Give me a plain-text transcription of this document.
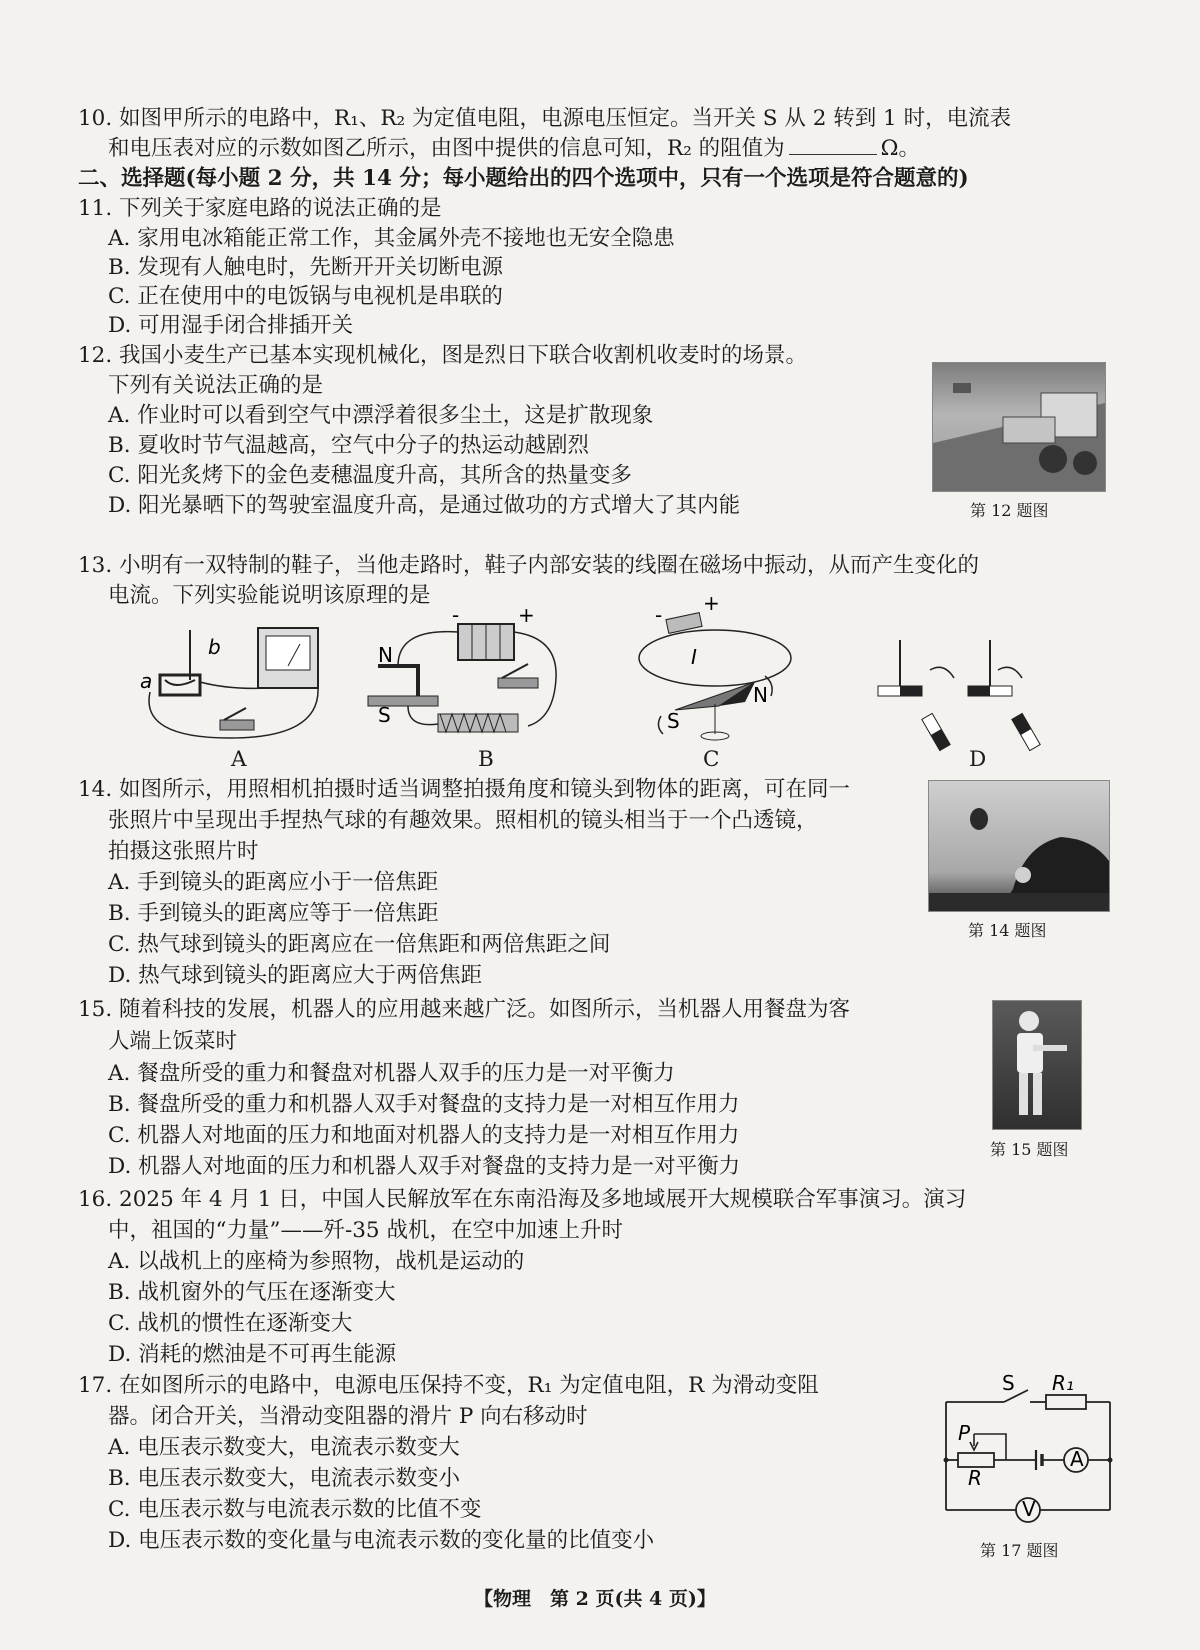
10. 如图甲所示的电路中，R₁、R₂ 为定值电阻，电源电压恒定。当开关 S 从 2 转到 1 时，电流表
和电压表对应的示数如图乙所示，由图中提供的信息可知，R₂ 的阻值为	Ω。
二、选择题(每小题 2 分，共 14 分；每小题给出的四个选项中，只有一个选项是符合题意的)
11. 下列关于家庭电路的说法正确的是
A. 家用电冰箱能正常工作，其金属外壳不接地也无安全隐患
B. 发现有人触电时，先断开开关切断电源
C. 正在使用中的电饭锅与电视机是串联的
D. 可用湿手闭合排插开关
12. 我国小麦生产已基本实现机械化，图是烈日下联合收割机收麦时的场景。
下列有关说法正确的是
A. 作业时可以看到空气中漂浮着很多尘土，这是扩散现象
B. 夏收时节气温越高，空气中分子的热运动越剧烈
C. 阳光炙烤下的金色麦穗温度升高，其所含的热量变多
D. 阳光暴晒下的驾驶室温度升高，是通过做功的方式增大了其内能	第 12 题图
13. 小明有一双特制的鞋子，当他走路时，鞋子内部安装的线圈在磁场中振动，从而产生变化的
电流。下列实验能说明该原理的是
b
a
A
N
S
-	+
B
I
N
S
- +
C	D
14. 如图所示，用照相机拍摄时适当调整拍摄角度和镜头到物体的距离，可在同一
张照片中呈现出手捏热气球的有趣效果。照相机的镜头相当于一个凸透镜，
拍摄这张照片时
A. 手到镜头的距离应小于一倍焦距
B. 手到镜头的距离应等于一倍焦距
C. 热气球到镜头的距离应在一倍焦距和两倍焦距之间
D. 热气球到镜头的距离应大于两倍焦距
第 14 题图
15. 随着科技的发展，机器人的应用越来越广泛。如图所示，当机器人用餐盘为客
人端上饭菜时
A. 餐盘所受的重力和餐盘对机器人双手的压力是一对平衡力
B. 餐盘所受的重力和机器人双手对餐盘的支持力是一对相互作用力
C. 机器人对地面的压力和地面对机器人的支持力是一对相互作用力
D. 机器人对地面的压力和机器人双手对餐盘的支持力是一对平衡力
第 15 题图
16. 2025 年 4 月 1 日，中国人民解放军在东南沿海及多地域展开大规模联合军事演习。演习
中，祖国的“力量”——歼-35 战机，在空中加速上升时
A. 以战机上的座椅为参照物，战机是运动的
B. 战机窗外的气压在逐渐变大
C. 战机的惯性在逐渐变大
D. 消耗的燃油是不可再生能源
17. 在如图所示的电路中，电源电压保持不变，R₁ 为定值电阻，R 为滑动变阻
器。闭合开关，当滑动变阻器的滑片 P 向右移动时
A. 电压表示数变大，电流表示数变大
B. 电压表示数变大，电流表示数变小
C. 电压表示数与电流表示数的比值不变
D. 电压表示数的变化量与电流表示数的变化量的比值变小
S R₁
P
R
A
V
第 17 题图
【物理　第 2 页(共 4 页)】
